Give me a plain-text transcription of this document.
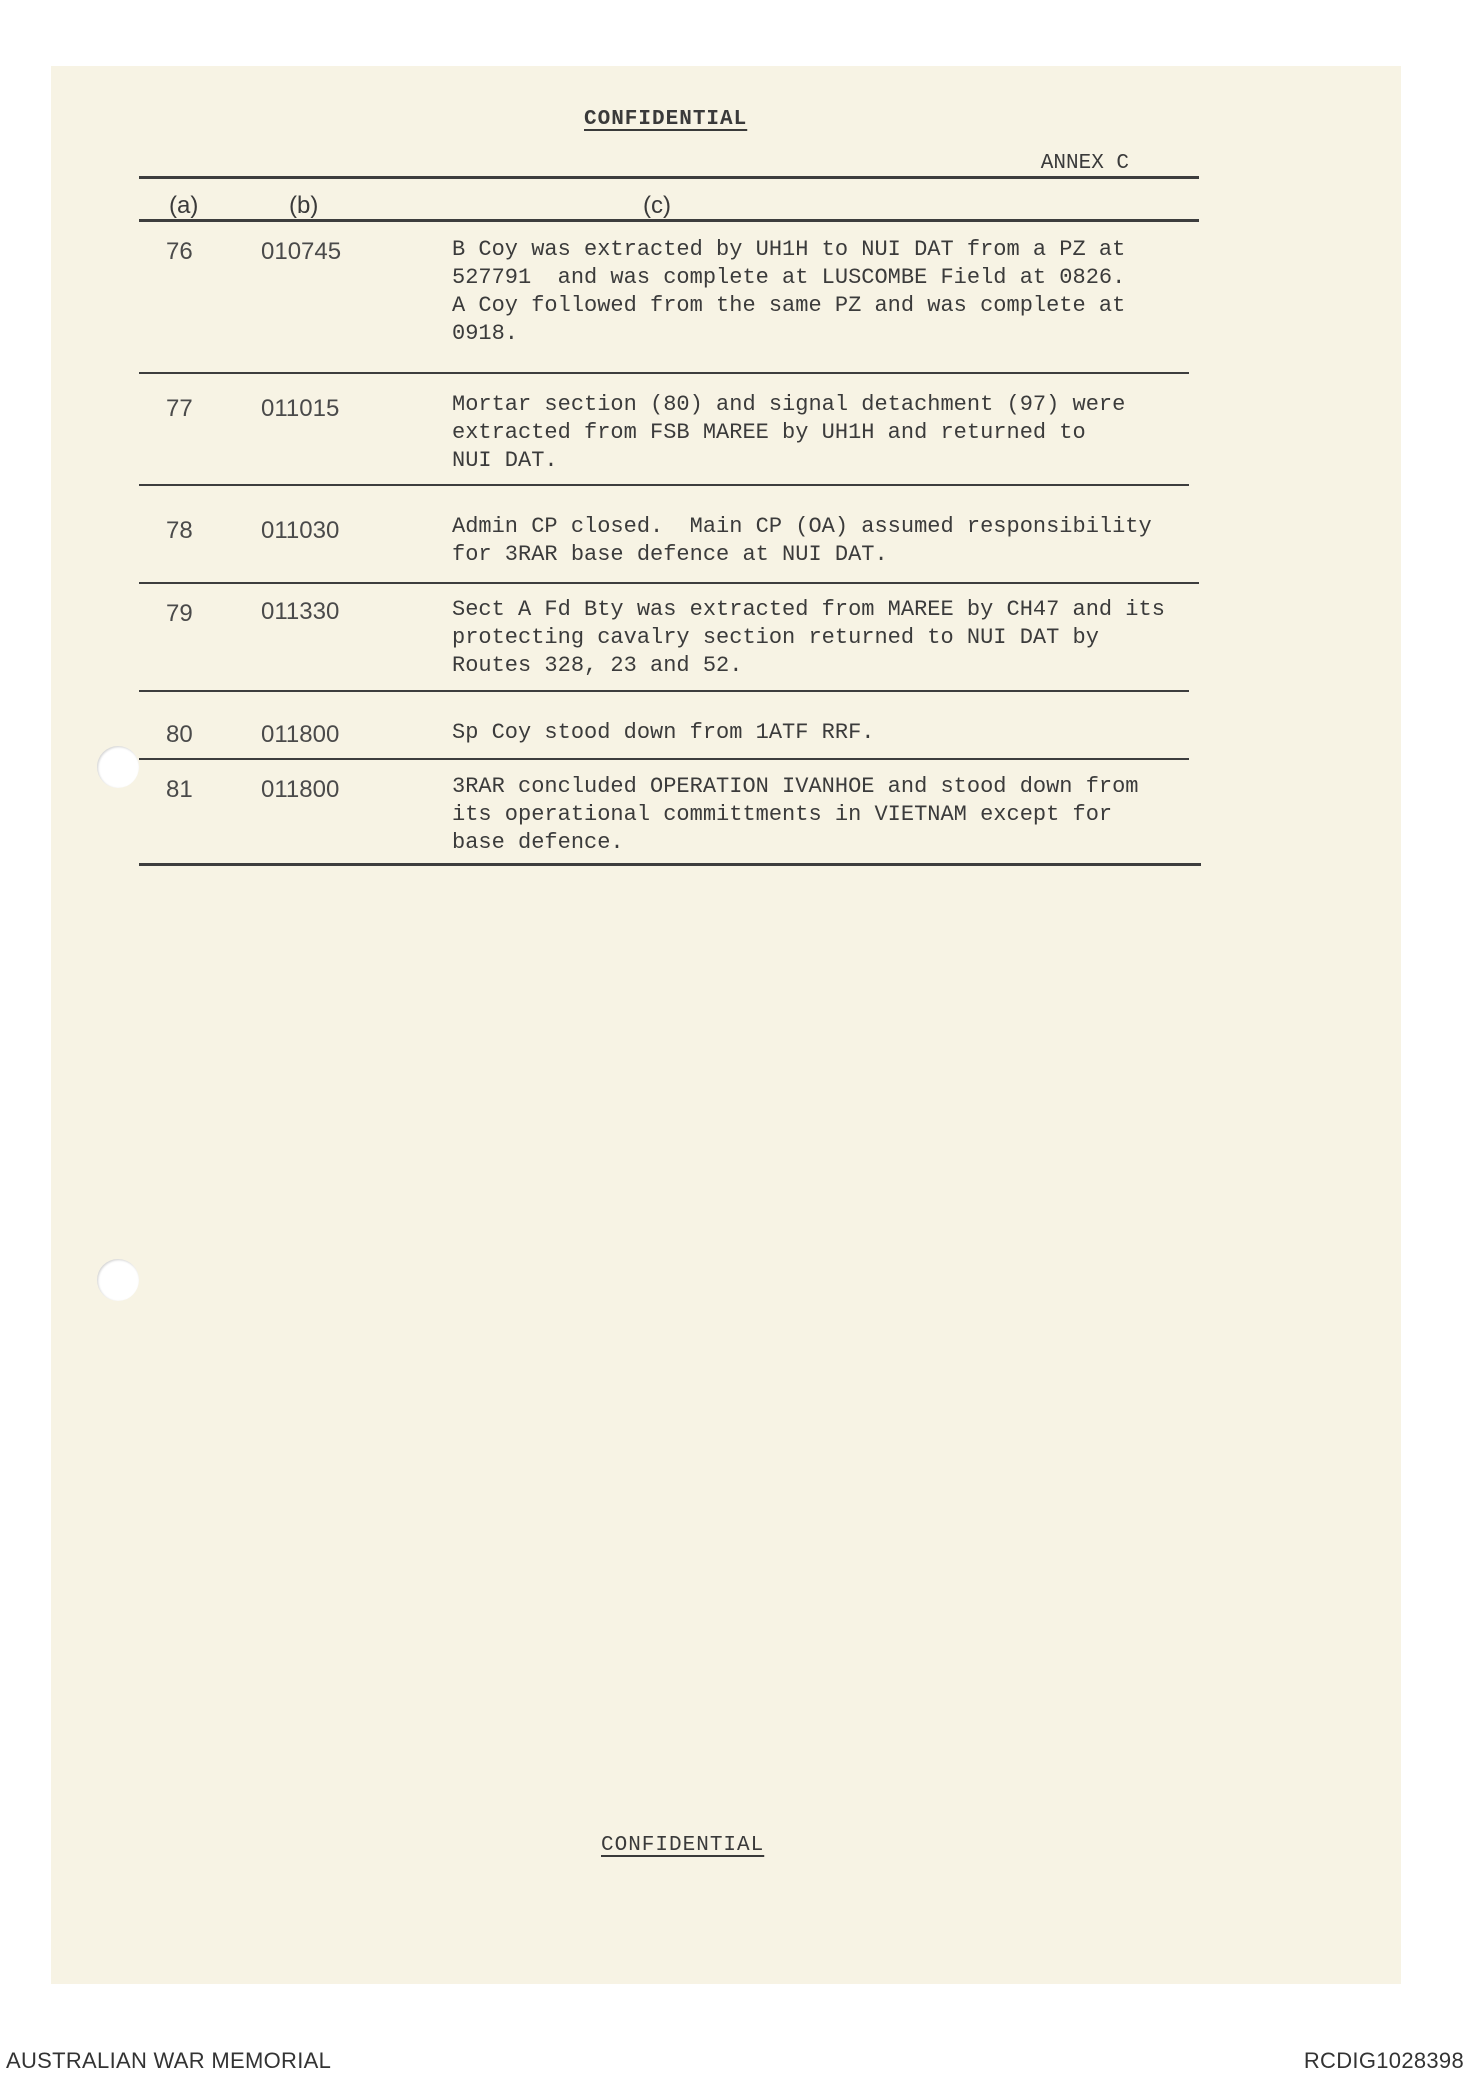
CONFIDENTIAL
ANNEX C
(a)	(b)	(c)
76	010745	B Coy was extracted by UH1H to NUI DAT from a PZ at
527791  and was complete at LUSCOMBE Field at 0826.
A Coy followed from the same PZ and was complete at
0918.
77	011015	Mortar section (80) and signal detachment (97) were
extracted from FSB MAREE by UH1H and returned to
NUI DAT.
78	011030	Admin CP closed.  Main CP (OA) assumed responsibility
for 3RAR base defence at NUI DAT.
79	011330	Sect A Fd Bty was extracted from MAREE by CH47 and its
protecting cavalry section returned to NUI DAT by
Routes 328, 23 and 52.
80	011800	Sp Coy stood down from 1ATF RRF.
81	011800	3RAR concluded OPERATION IVANHOE and stood down from
its operational committments in VIETNAM except for
base defence.
CONFIDENTIAL
AUSTRALIAN WAR MEMORIAL	RCDIG1028398
